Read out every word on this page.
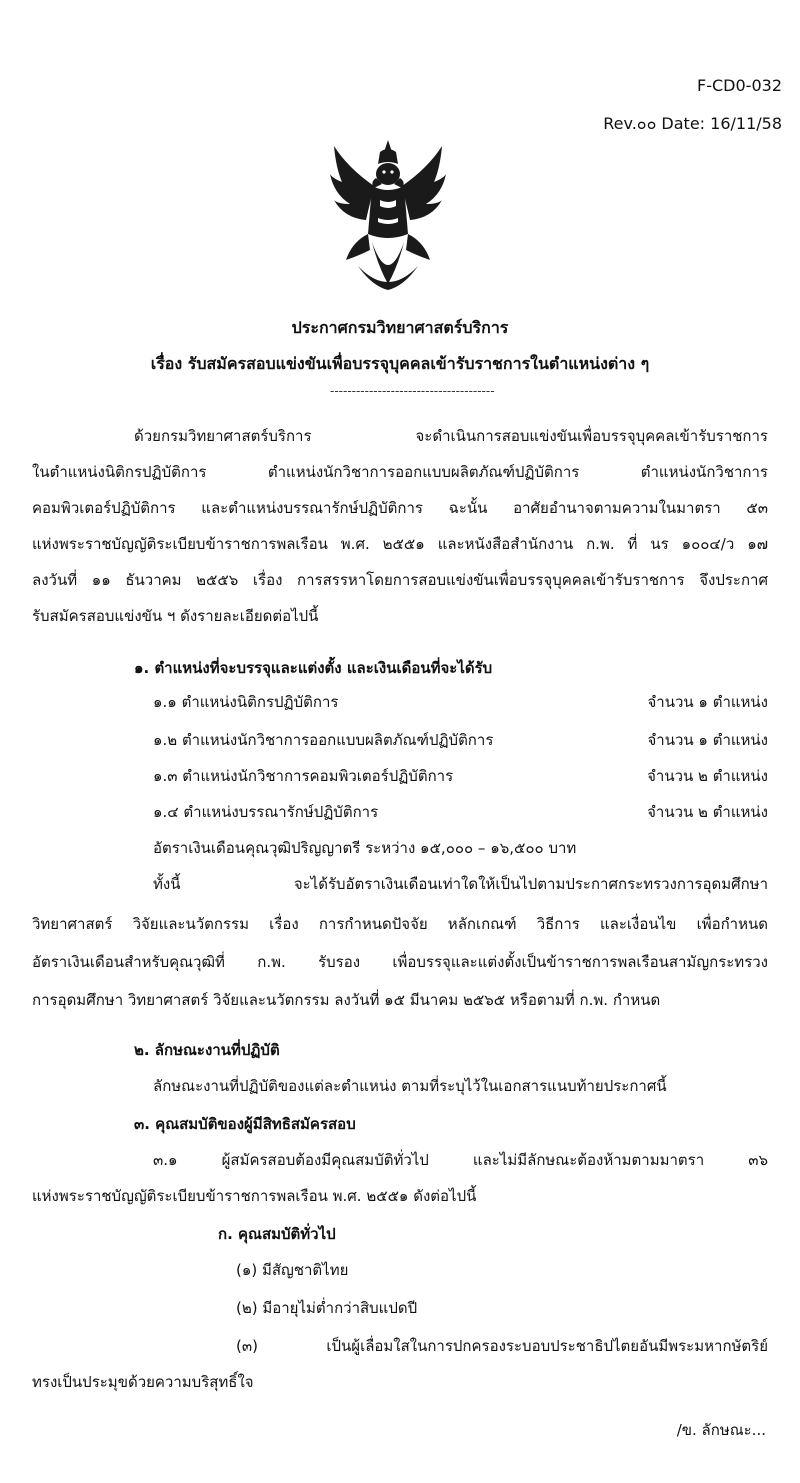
F-CD0-032
Rev.๐๐ Date: 16/11/58
ประกาศกรมวิทยาศาสตร์บริการ
เรื่อง รับสมัครสอบแข่งขันเพื่อบรรจุบุคคลเข้ารับราชการในตำแหน่งต่าง ๆ
--------------------------------------
ด้วยกรมวิทยาศาสตร์บริการ จะดำเนินการสอบแข่งขันเพื่อบรรจุบุคคลเข้ารับราชการ
ในตำแหน่งนิติกรปฏิบัติการ ตำแหน่งนักวิชาการออกแบบผลิตภัณฑ์ปฏิบัติการ ตำแหน่งนักวิชาการ
คอมพิวเตอร์ปฏิบัติการ และตำแหน่งบรรณารักษ์ปฏิบัติการ ฉะนั้น อาศัยอำนาจตามความในมาตรา ๕๓
แห่งพระราชบัญญัติระเบียบข้าราชการพลเรือน พ.ศ. ๒๕๕๑ และหนังสือสำนักงาน ก.พ. ที่ นร ๑๐๐๔/ว ๑๗
ลงวันที่ ๑๑ ธันวาคม ๒๕๕๖ เรื่อง การสรรหาโดยการสอบแข่งขันเพื่อบรรจุบุคคลเข้ารับราชการ จึงประกาศ
รับสมัครสอบแข่งขัน ฯ ดังรายละเอียดต่อไปนี้
๑. ตำแหน่งที่จะบรรจุและแต่งตั้ง และเงินเดือนที่จะได้รับ
๑.๑ ตำแหน่งนิติกรปฏิบัติการ	จำนวน ๑ ตำแหน่ง
๑.๒ ตำแหน่งนักวิชาการออกแบบผลิตภัณฑ์ปฏิบัติการ	จำนวน ๑ ตำแหน่ง
๑.๓ ตำแหน่งนักวิชาการคอมพิวเตอร์ปฏิบัติการ	จำนวน ๒ ตำแหน่ง
๑.๔ ตำแหน่งบรรณารักษ์ปฏิบัติการ	จำนวน ๒ ตำแหน่ง
อัตราเงินเดือนคุณวุฒิปริญญาตรี ระหว่าง ๑๕,๐๐๐ – ๑๖,๕๐๐ บาท
ทั้งนี้ จะได้รับอัตราเงินเดือนเท่าใดให้เป็นไปตามประกาศกระทรวงการอุดมศึกษา
วิทยาศาสตร์ วิจัยและนวัตกรรม เรื่อง การกำหนดปัจจัย หลักเกณฑ์ วิธีการ และเงื่อนไข เพื่อกำหนด
อัตราเงินเดือนสำหรับคุณวุฒิที่ ก.พ. รับรอง เพื่อบรรจุและแต่งตั้งเป็นข้าราชการพลเรือนสามัญกระทรวง
การอุดมศึกษา วิทยาศาสตร์ วิจัยและนวัตกรรม ลงวันที่ ๑๕ มีนาคม ๒๕๖๕ หรือตามที่ ก.พ. กำหนด
๒. ลักษณะงานที่ปฏิบัติ
ลักษณะงานที่ปฏิบัติของแต่ละตำแหน่ง ตามที่ระบุไว้ในเอกสารแนบท้ายประกาศนี้
๓. คุณสมบัติของผู้มีสิทธิสมัครสอบ
๓.๑ ผู้สมัครสอบต้องมีคุณสมบัติทั่วไป และไม่มีลักษณะต้องห้ามตามมาตรา ๓๖
แห่งพระราชบัญญัติระเบียบข้าราชการพลเรือน พ.ศ. ๒๕๕๑ ดังต่อไปนี้
ก. คุณสมบัติทั่วไป
(๑) มีสัญชาติไทย
(๒) มีอายุไม่ต่ำกว่าสิบแปดปี
(๓) เป็นผู้เลื่อมใสในการปกครองระบอบประชาธิปไตยอันมีพระมหากษัตริย์
ทรงเป็นประมุขด้วยความบริสุทธิ์ใจ
/ข. ลักษณะ...
